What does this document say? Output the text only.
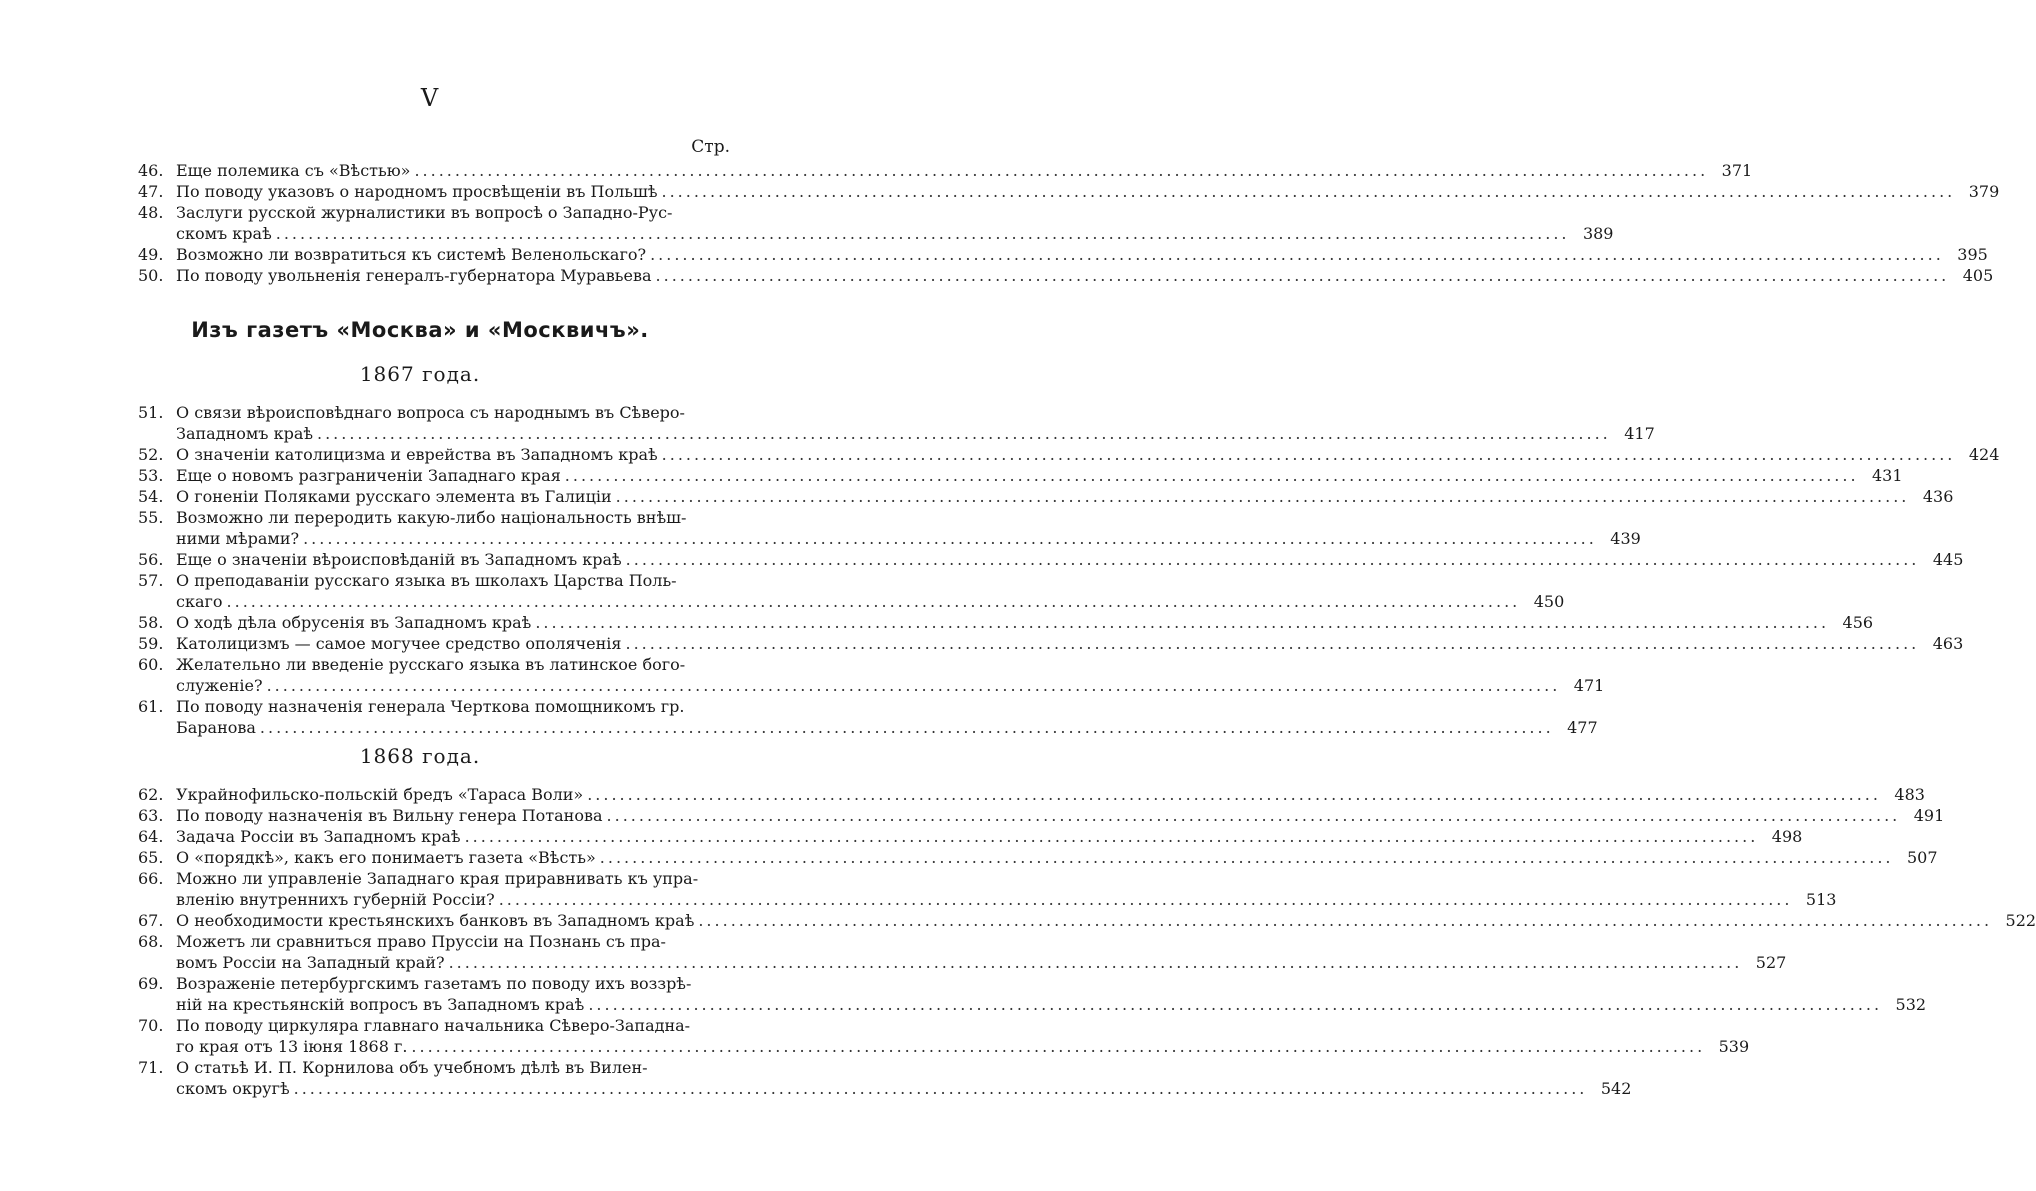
V
Стр.
46. Еще полемика съ «Вѣстью» .....	371
47. По поводу указовъ о народномъ просвѣщеніи въ Польшѣ .....	379
48. Заслуги русской журналистики въ вопросѣ о Западно-Рус-
скомъ краѣ .....	389
49. Возможно ли возвратиться къ системѣ Веленольскаго? .....	395
50. По поводу увольненія генералъ-губернатора Муравьева .....	405
Изъ газетъ «Москва» и «Москвичъ».
1867 года.
51. О связи вѣроисповѣднаго вопроса съ народнымъ въ Сѣверо-
Западномъ краѣ .....	417
52. О значеніи католицизма и еврейства въ Западномъ краѣ .....	424
53. Еще о новомъ разграниченіи Западнаго края .....	431
54. О гоненіи Поляками русскаго элемента въ Галиціи .....	436
55. Возможно ли переродить какую-либо національность внѣш-
ними мѣрами? .....	439
56. Еще о значеніи вѣроисповѣданій въ Западномъ краѣ .....	445
57. О преподаваніи русскаго языка въ школахъ Царства Поль-
скаго .....	450
58. О ходѣ дѣла обрусенія въ Западномъ краѣ .....	456
59. Католицизмъ — самое могучее средство ополяченія .....	463
60. Желательно ли введеніе русскаго языка въ латинское бого-
служеніе? .....	471
61. По поводу назначенія генерала Черткова помощникомъ гр.
Баранова .....	477
1868 года.
62. Украйнофильско-польскій бредъ «Тараса Воли» .....	483
63. По поводу назначенія въ Вильну генера Потанова .....	491
64. Задача Россіи въ Западномъ краѣ .....	498
65. О «порядкѣ», какъ его понимаетъ газета «Вѣсть» .....	507
66. Можно ли управленіе Западнаго края приравнивать къ упра-
вленію внутреннихъ губерній Россіи? .....	513
67. О необходимости крестьянскихъ банковъ въ Западномъ краѣ .....	522
68. Можетъ ли сравниться право Пруссіи на Познань съ пра-
вомъ Россіи на Западный край? .....	527
69. Возраженіе петербургскимъ газетамъ по поводу ихъ воззрѣ-
ній на крестьянскій вопросъ въ Западномъ краѣ .....	532
70. По поводу циркуляра главнаго начальника Сѣверо-Западна-
го края отъ 13 іюня 1868 г. .....	539
71. О статьѣ И. П. Корнилова объ учебномъ дѣлѣ въ Вилен-
скомъ округѣ .....	542
